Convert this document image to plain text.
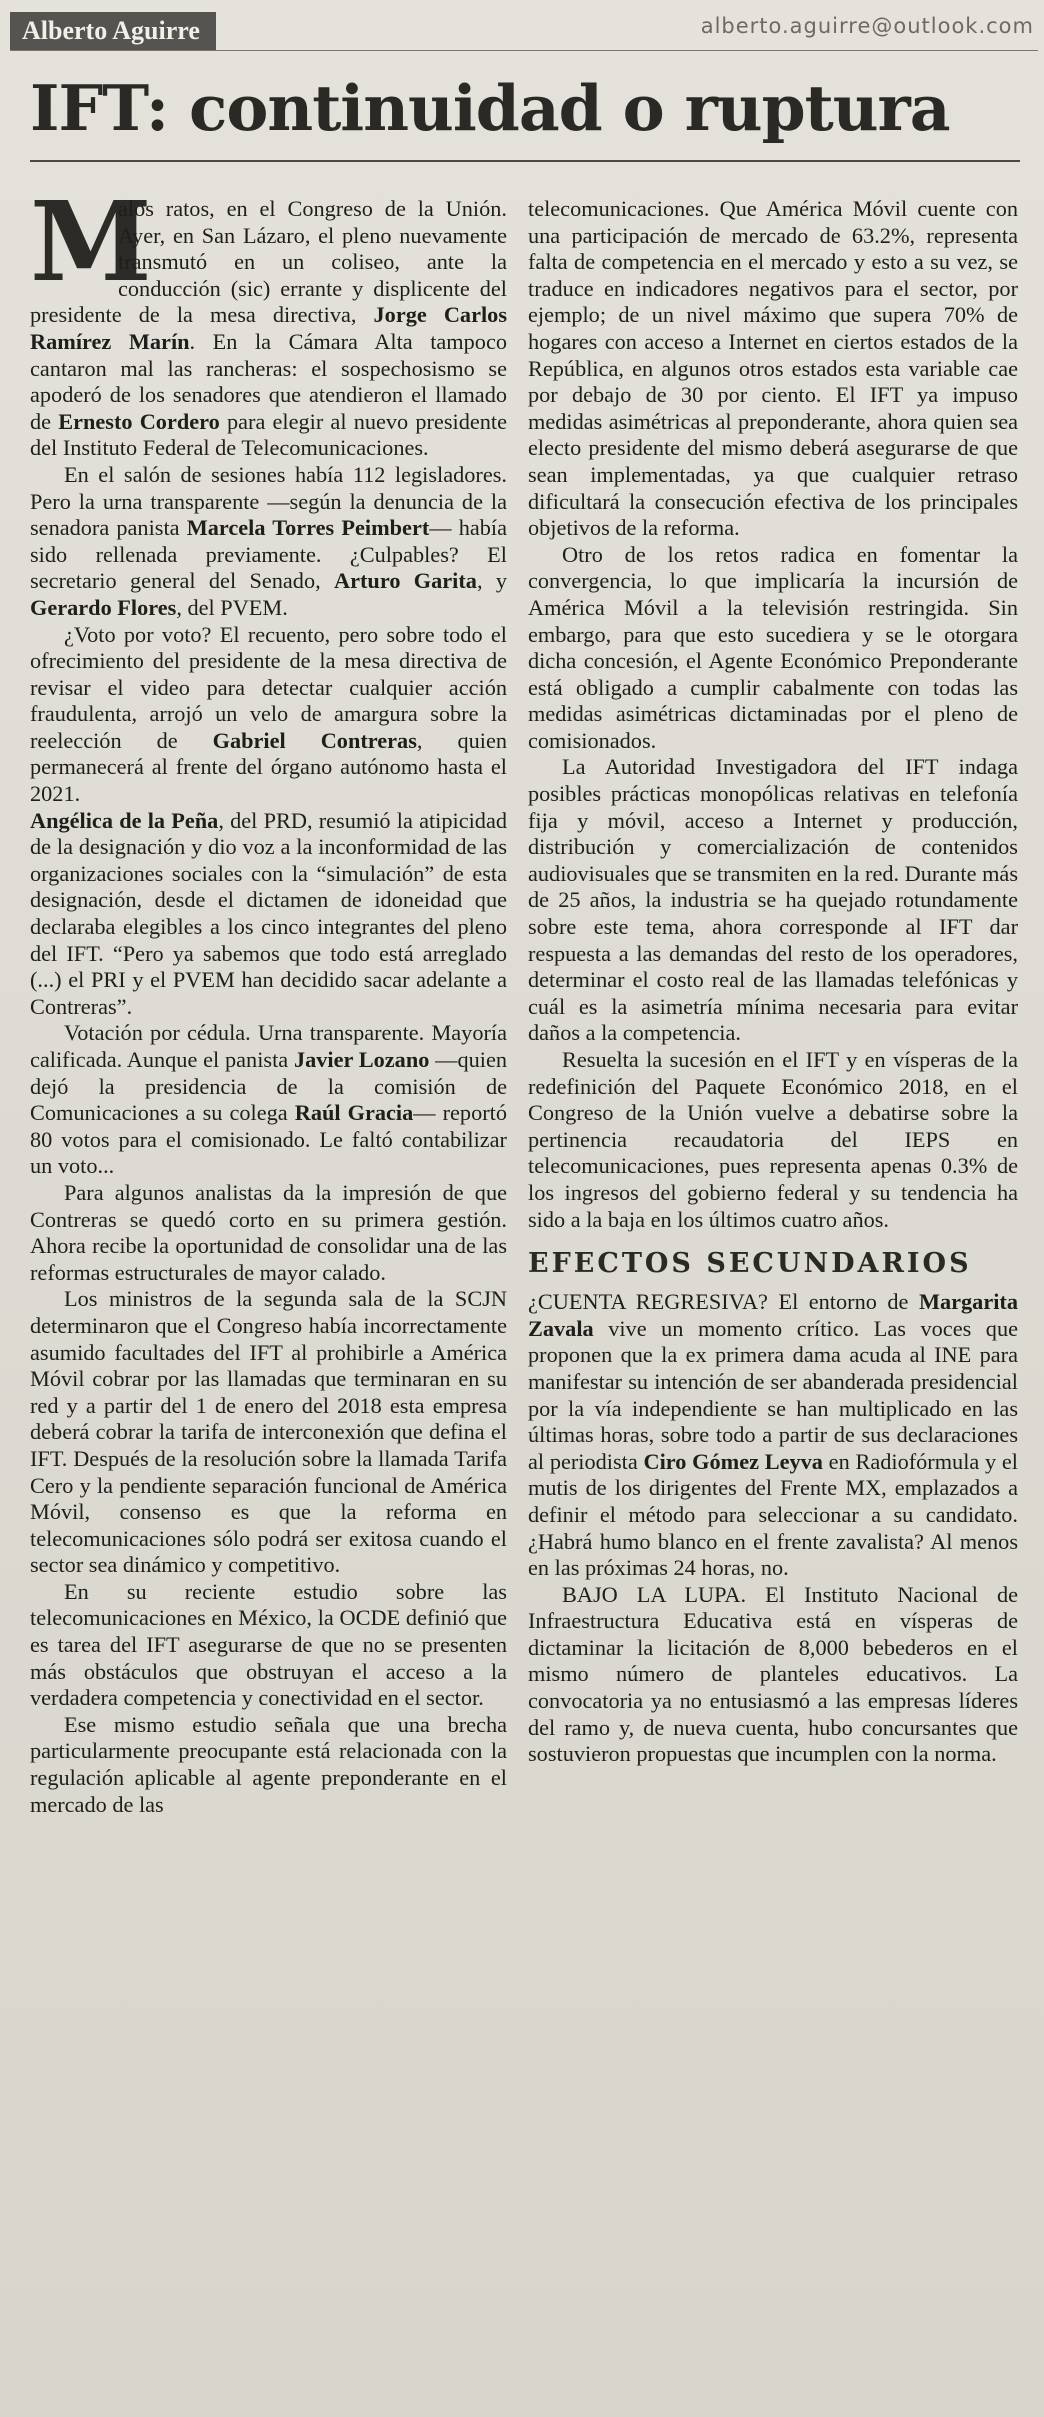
Alberto Aguirre	alberto.aguirre@outlook.com
IFT: continuidad o ruptura

M
alos ratos, en el Congreso de la Unión. Ayer, en San Lázaro, el pleno nuevamente transmutó en un coliseo, ante la conducción (sic) errante y displicente del presidente de la mesa directiva, Jorge Carlos Ramírez Marín. En la Cámara Alta tampoco cantaron mal las rancheras: el sospechosismo se apoderó de los senadores que atendieron el llamado de Ernesto Cordero para elegir al nuevo presidente del Instituto Federal de Telecomunicaciones.

En el salón de sesiones había 112 legisladores. Pero la urna transparente —según la denuncia de la senadora panista Marcela Torres Peimbert— había sido rellenada previamente. ¿Culpables? El secretario general del Senado, Arturo Garita, y Gerardo Flores, del PVEM.

¿Voto por voto? El recuento, pero sobre todo el ofrecimiento del presidente de la mesa directiva de revisar el video para detectar cualquier acción fraudulenta, arrojó un velo de amargura sobre la reelección de Gabriel Contreras, quien permanecerá al frente del órgano autónomo hasta el 2021.

Angélica de la Peña, del PRD, resumió la atipicidad de la designación y dio voz a la inconformidad de las organizaciones sociales con la “simulación” de esta designación, desde el dictamen de idoneidad que declaraba elegibles a los cinco integrantes del pleno del IFT. “Pero ya sabemos que todo está arreglado (...) el PRI y el PVEM han decidido sacar adelante a Contreras”.

Votación por cédula. Urna transparente. Mayoría calificada. Aunque el panista Javier Lozano —quien dejó la presidencia de la comisión de Comunicaciones a su colega Raúl Gracia— reportó 80 votos para el comisionado. Le faltó contabilizar un voto...

Para algunos analistas da la impresión de que Contreras se quedó corto en su primera gestión. Ahora recibe la oportunidad de consolidar una de las reformas estructurales de mayor calado.

Los ministros de la segunda sala de la SCJN determinaron que el Congreso había incorrectamente asumido facultades del IFT al prohibirle a América Móvil cobrar por las llamadas que terminaran en su red y a partir del 1 de enero del 2018 esta empresa deberá cobrar la tarifa de interconexión que defina el IFT. Después de la resolución sobre la llamada Tarifa Cero y la pendiente separación funcional de América Móvil, consenso es que la reforma en telecomunicaciones sólo podrá ser exitosa cuando el sector sea dinámico y competitivo.

En su reciente estudio sobre las telecomunicaciones en México, la OCDE definió que es tarea del IFT asegurarse de que no se presenten más obstáculos que obstruyan el acceso a la verdadera competencia y conectividad en el sector.

Ese mismo estudio señala que una brecha particularmente preocupante está relacionada con la regulación aplicable al agente preponderante en el mercado de las

telecomunicaciones. Que América Móvil cuente con una participación de mercado de 63.2%, representa falta de competencia en el mercado y esto a su vez, se traduce en indicadores negativos para el sector, por ejemplo; de un nivel máximo que supera 70% de hogares con acceso a Internet en ciertos estados de la República, en algunos otros estados esta variable cae por debajo de 30 por ciento. El IFT ya impuso medidas asimétricas al preponderante, ahora quien sea electo presidente del mismo deberá asegurarse de que sean implementadas, ya que cualquier retraso dificultará la consecución efectiva de los principales objetivos de la reforma.

Otro de los retos radica en fomentar la convergencia, lo que implicaría la incursión de América Móvil a la televisión restringida. Sin embargo, para que esto sucediera y se le otorgara dicha concesión, el Agente Económico Preponderante está obligado a cumplir cabalmente con todas las medidas asimétricas dictaminadas por el pleno de comisionados.

La Autoridad Investigadora del IFT indaga posibles prácticas monopólicas relativas en telefonía fija y móvil, acceso a Internet y producción, distribución y comercialización de contenidos audiovisuales que se transmiten en la red. Durante más de 25 años, la industria se ha quejado rotundamente sobre este tema, ahora corresponde al IFT dar respuesta a las demandas del resto de los operadores, determinar el costo real de las llamadas telefónicas y cuál es la asimetría mínima necesaria para evitar daños a la competencia.

Resuelta la sucesión en el IFT y en vísperas de la redefinición del Paquete Económico 2018, en el Congreso de la Unión vuelve a debatirse sobre la pertinencia recaudatoria del IEPS en telecomunicaciones, pues representa apenas 0.3% de los ingresos del gobierno federal y su tendencia ha sido a la baja en los últimos cuatro años.

EFECTOS SECUNDARIOS

¿CUENTA REGRESIVA? El entorno de Margarita Zavala vive un momento crítico. Las voces que proponen que la ex primera dama acuda al INE para manifestar su intención de ser abanderada presidencial por la vía independiente se han multiplicado en las últimas horas, sobre todo a partir de sus declaraciones al periodista Ciro Gómez Leyva en Radiofórmula y el mutis de los dirigentes del Frente MX, emplazados a definir el método para seleccionar a su candidato. ¿Habrá humo blanco en el frente zavalista? Al menos en las próximas 24 horas, no.

BAJO LA LUPA. El Instituto Nacional de Infraestructura Educativa está en vísperas de dictaminar la licitación de 8,000 bebederos en el mismo número de planteles educativos. La convocatoria ya no entusiasmó a las empresas líderes del ramo y, de nueva cuenta, hubo concursantes que sostuvieron propuestas que incumplen con la norma.
